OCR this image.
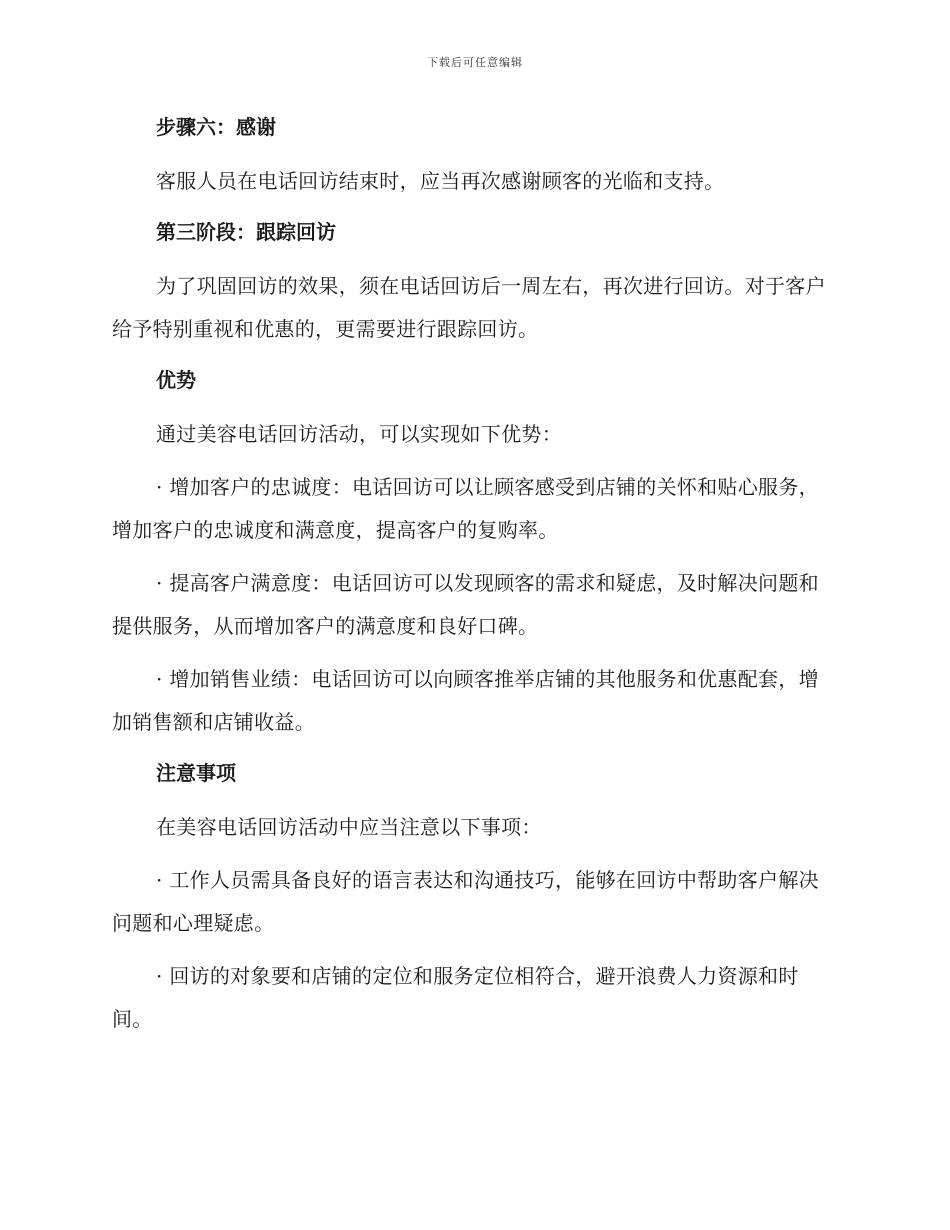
下载后可任意编辑
步骤六：感谢

客服人员在电话回访结束时，应当再次感谢顾客的光临和支持。

第三阶段：跟踪回访

为了巩固回访的效果，须在电话回访后一周左右，再次进行回访。对于客户给予特别重视和优惠的，更需要进行跟踪回访。

优势

通过美容电话回访活动，可以实现如下优势：

· 增加客户的忠诚度：电话回访可以让顾客感受到店铺的关怀和贴心服务，增加客户的忠诚度和满意度，提高客户的复购率。

· 提高客户满意度：电话回访可以发现顾客的需求和疑虑，及时解决问题和提供服务，从而增加客户的满意度和良好口碑。

· 增加销售业绩：电话回访可以向顾客推举店铺的其他服务和优惠配套，增加销售额和店铺收益。

注意事项

在美容电话回访活动中应当注意以下事项：

· 工作人员需具备良好的语言表达和沟通技巧，能够在回访中帮助客户解决问题和心理疑虑。

· 回访的对象要和店铺的定位和服务定位相符合，避开浪费人力资源和时间。
